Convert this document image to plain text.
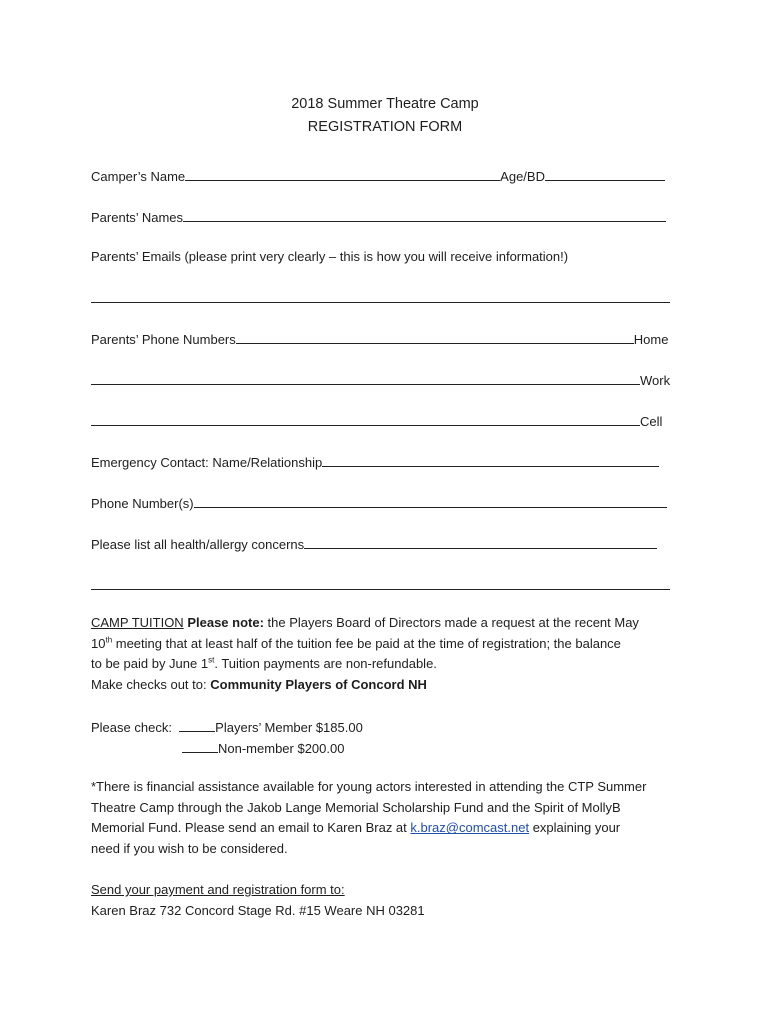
2018 Summer Theatre Camp
REGISTRATION FORM
Camper’s Name	Age/BD
Parents’ Names
Parents’ Emails (please print very clearly – this is how you will receive information!)
Parents’ Phone Numbers	Home
Work
Cell
Emergency Contact: Name/Relationship
Phone Number(s)
Please list all health/allergy concerns
CAMP TUITION Please note: the Players Board of Directors made a request at the recent May
10th meeting that at least half of the tuition fee be paid at the time of registration; the balance
to be paid by June 1st. Tuition payments are non-refundable.
Make checks out to: Community Players of Concord NH
Please check:	Players’ Member $185.00
Non-member $200.00
*There is financial assistance available for young actors interested in attending the CTP Summer
Theatre Camp through the Jakob Lange Memorial Scholarship Fund and the Spirit of MollyB
Memorial Fund. Please send an email to Karen Braz at k.braz@comcast.net explaining your
need if you wish to be considered.
Send your payment and registration form to:
Karen Braz 732 Concord Stage Rd. #15 Weare NH 03281
